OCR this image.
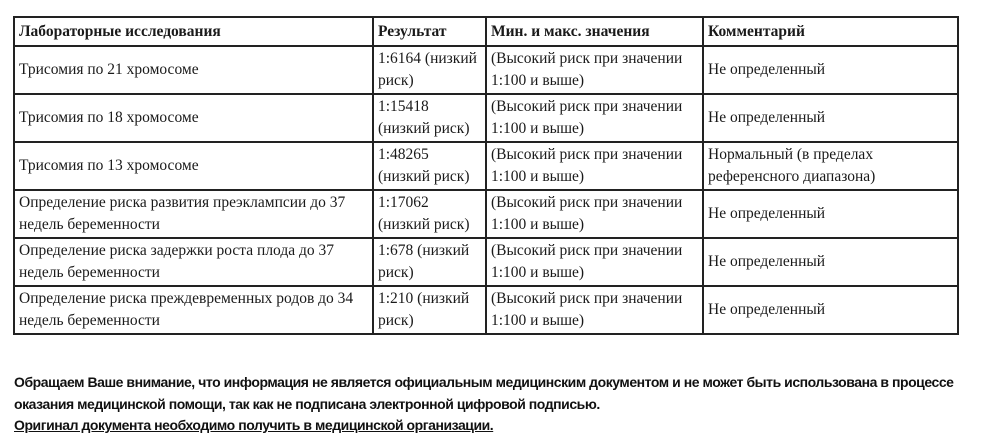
Лабораторные исследования	Результат	Мин. и макс. значения	Комментарий
Трисомия по 21 хромосоме	1:6164 (низкий риск)	(Высокий риск при значении 1:100 и выше)	Не определенный
Трисомия по 18 хромосоме	1:15418 (низкий риск)	(Высокий риск при значении 1:100 и выше)	Не определенный
Трисомия по 13 хромосоме	1:48265 (низкий риск)	(Высокий риск при значении 1:100 и выше)	Нормальный (в пределах референсного диапазона)
Определение риска развития преэклампсии до 37 недель беременности	1:17062 (низкий риск)	(Высокий риск при значении 1:100 и выше)	Не определенный
Определение риска задержки роста плода до 37 недель беременности	1:678 (низкий риск)	(Высокий риск при значении 1:100 и выше)	Не определенный
Определение риска преждевременных родов до 34 недель беременности	1:210 (низкий риск)	(Высокий риск при значении 1:100 и выше)	Не определенный
Обращаем Ваше внимание, что информация не является официальным медицинским документом и не может быть использована в процессе оказания медицинской помощи, так как не подписана электронной цифровой подписью.
Оригинал документа необходимо получить в медицинской организации.
